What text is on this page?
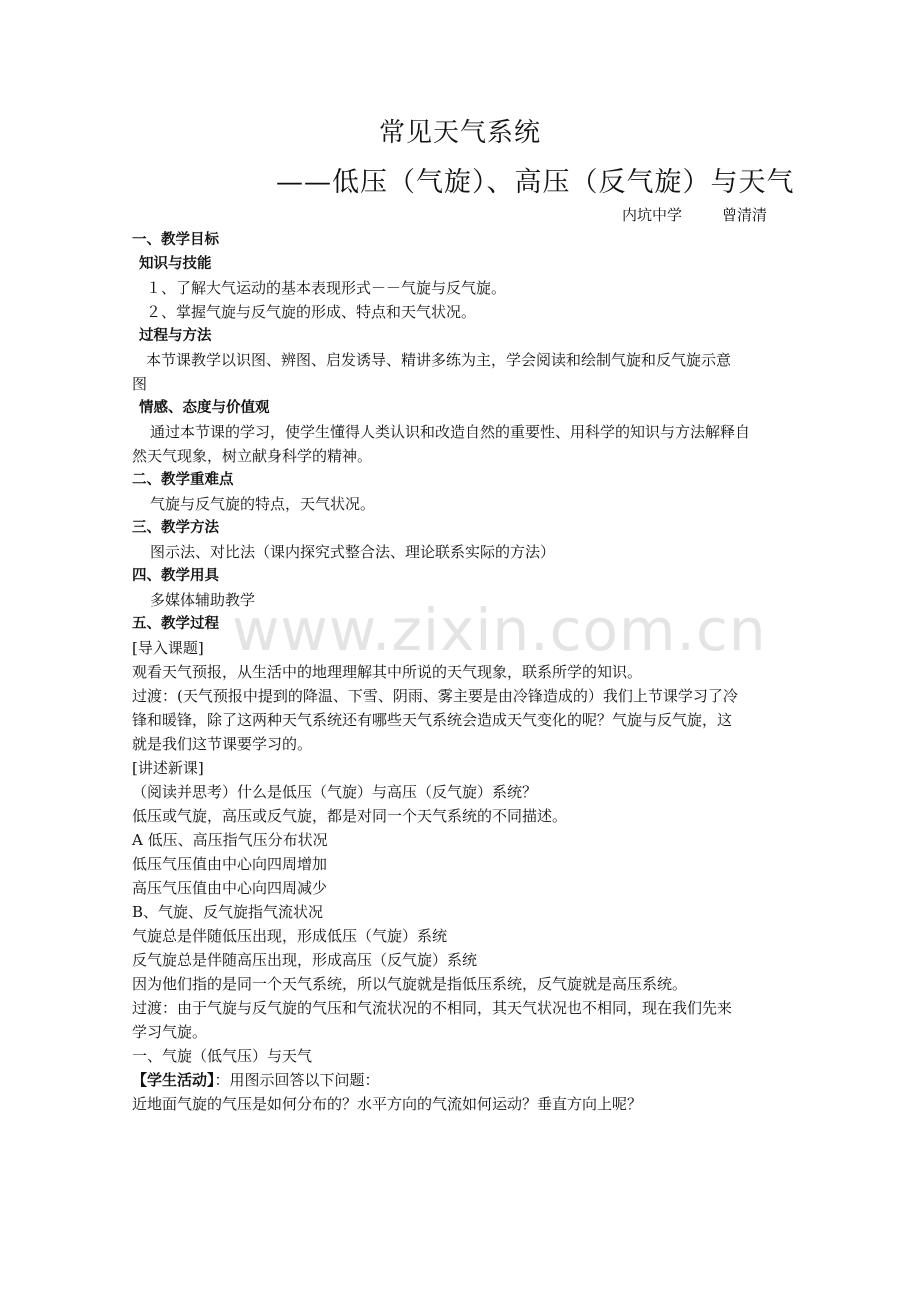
常见天气系统
——低压（气旋）、高压（反气旋）与天气
内坑中学	曾清清
www.zixin.com.cn

一、教学目标

知识与技能

１、了解大气运动的基本表现形式－－气旋与反气旋。

２、掌握气旋与反气旋的形成、特点和天气状况。

过程与方法

本节课教学以识图、辨图、启发诱导、精讲多练为主，学会阅读和绘制气旋和反气旋示意

图

情感、态度与价值观

通过本节课的学习，使学生懂得人类认识和改造自然的重要性、用科学的知识与方法解释自

然天气现象，树立献身科学的精神。

二、教学重难点

气旋与反气旋的特点，天气状况。

三、教学方法

图示法、对比法（课内探究式整合法、理论联系实际的方法）

四、教学用具

多媒体辅助教学

五、教学过程

[导入课题]

观看天气预报，从生活中的地理理解其中所说的天气现象，联系所学的知识。

过渡：(天气预报中提到的降温、下雪、阴雨、雾主要是由冷锋造成的）我们上节课学习了冷

锋和暖锋，除了这两种天气系统还有哪些天气系统会造成天气变化的呢？气旋与反气旋，这

就是我们这节课要学习的。

[讲述新课]

（阅读并思考）什么是低压（气旋）与高压（反气旋）系统？

低压或气旋，高压或反气旋，都是对同一个天气系统的不同描述。

A 低压、高压指气压分布状况

低压气压值由中心向四周增加

高压气压值由中心向四周减少

B、气旋、反气旋指气流状况

气旋总是伴随低压出现，形成低压（气旋）系统

反气旋总是伴随高压出现，形成高压（反气旋）系统

因为他们指的是同一个天气系统，所以气旋就是指低压系统，反气旋就是高压系统。

过渡：由于气旋与反气旋的气压和气流状况的不相同，其天气状况也不相同，现在我们先来

学习气旋。

一、气旋（低气压）与天气

【学生活动】：用图示回答以下问题：

近地面气旋的气压是如何分布的？水平方向的气流如何运动？垂直方向上呢？
